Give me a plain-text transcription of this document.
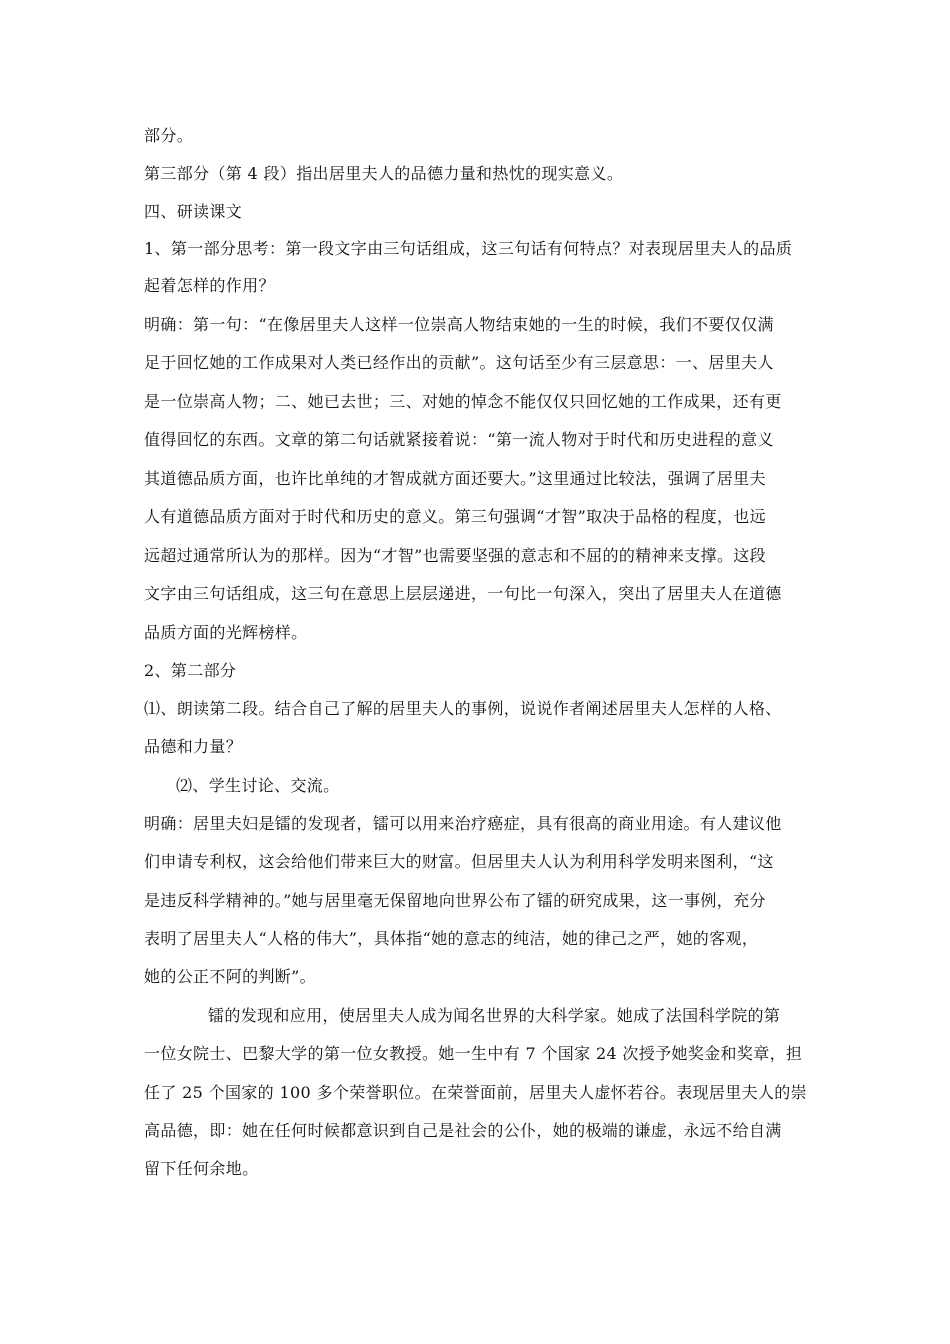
部分。
第三部分（第 4 段）指出居里夫人的品德力量和热忱的现实意义。
四、研读课文
1、第一部分思考：第一段文字由三句话组成，这三句话有何特点？对表现居里夫人的品质
起着怎样的作用？
明确：第一句：“在像居里夫人这样一位崇高人物结束她的一生的时候，我们不要仅仅满
足于回忆她的工作成果对人类已经作出的贡献”。这句话至少有三层意思：一、居里夫人
是一位崇高人物；二、她已去世；三、对她的悼念不能仅仅只回忆她的工作成果，还有更
值得回忆的东西。文章的第二句话就紧接着说：“第一流人物对于时代和历史进程的意义
其道德品质方面，也许比单纯的才智成就方面还要大。”这里通过比较法，强调了居里夫
人有道德品质方面对于时代和历史的意义。第三句强调“才智”取决于品格的程度，也远
远超过通常所认为的那样。因为“才智”也需要坚强的意志和不屈的的精神来支撑。这段
文字由三句话组成，这三句在意思上层层递进，一句比一句深入，突出了居里夫人在道德
品质方面的光辉榜样。
2、第二部分
⑴、朗读第二段。结合自己了解的居里夫人的事例，说说作者阐述居里夫人怎样的人格、
品德和力量？
⑵、学生讨论、交流。
明确：居里夫妇是镭的发现者，镭可以用来治疗癌症，具有很高的商业用途。有人建议他
们申请专利权，这会给他们带来巨大的财富。但居里夫人认为利用科学发明来图利，“这
是违反科学精神的。”她与居里毫无保留地向世界公布了镭的研究成果，这一事例，充分
表明了居里夫人“人格的伟大”，具体指“她的意志的纯洁，她的律己之严，她的客观，
她的公正不阿的判断”。
镭的发现和应用，使居里夫人成为闻名世界的大科学家。她成了法国科学院的第
一位女院士、巴黎大学的第一位女教授。她一生中有 7 个国家 24 次授予她奖金和奖章，担
任了 25 个国家的 100 多个荣誉职位。在荣誉面前，居里夫人虚怀若谷。表现居里夫人的崇
高品德，即：她在任何时候都意识到自己是社会的公仆，她的极端的谦虚，永远不给自满
留下任何余地。
